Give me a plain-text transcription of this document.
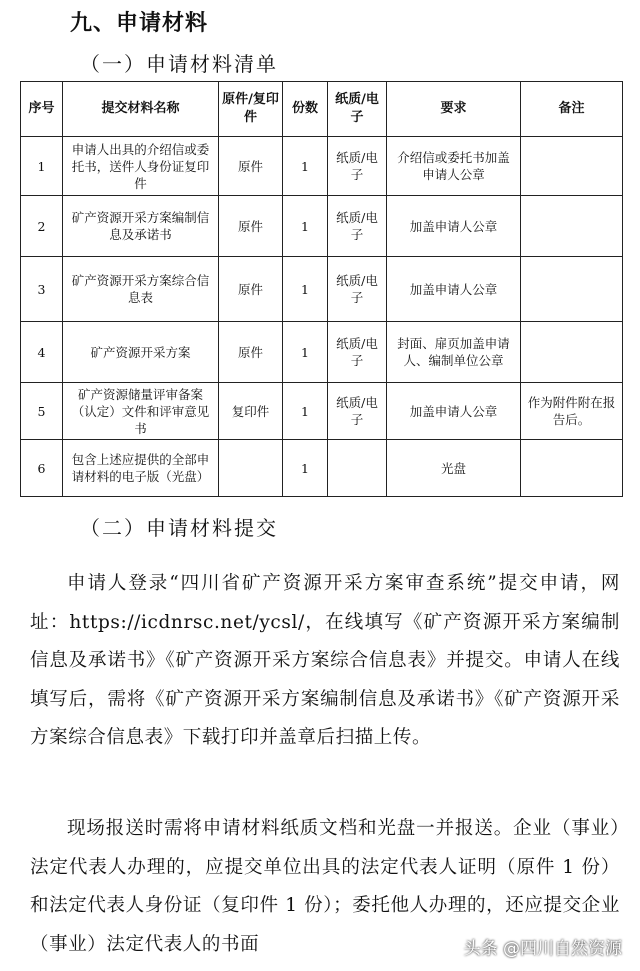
九、申请材料
（一）申请材料清单
序号	提交材料名称	原件/复印件	份数	纸质/电子	要求	备注
1	申请人出具的介绍信或委托书，送件人身份证复印件	原件	1	纸质/电子	介绍信或委托书加盖申请人公章	
2	矿产资源开采方案编制信息及承诺书	原件	1	纸质/电子	加盖申请人公章	
3	矿产资源开采方案综合信息表	原件	1	纸质/电子	加盖申请人公章	
4	矿产资源开采方案	原件	1	纸质/电子	封面、扉页加盖申请人、编制单位公章	
5	矿产资源储量评审备案（认定）文件和评审意见书	复印件	1	纸质/电子	加盖申请人公章	作为附件附在报告后。
6	包含上述应提供的全部申请材料的电子版（光盘）		1		光盘	
（二）申请材料提交
申请人登录“四川省矿产资源开采方案审查系统”提交申请，网址：https://icdnrsc.net/ycsl/，在线填写《矿产资源开采方案编制信息及承诺书》《矿产资源开采方案综合信息表》并提交。申请人在线填写后，需将《矿产资源开采方案编制信息及承诺书》《矿产资源开采方案综合信息表》下载打印并盖章后扫描上传。
现场报送时需将申请材料纸质文档和光盘一并报送。企业（事业）法定代表人办理的，应提交单位出具的法定代表人证明（原件 1 份）和法定代表人身份证（复印件 1 份）；委托他人办理的，还应提交企业（事业）法定代表人的书面	头条 @四川自然资源
